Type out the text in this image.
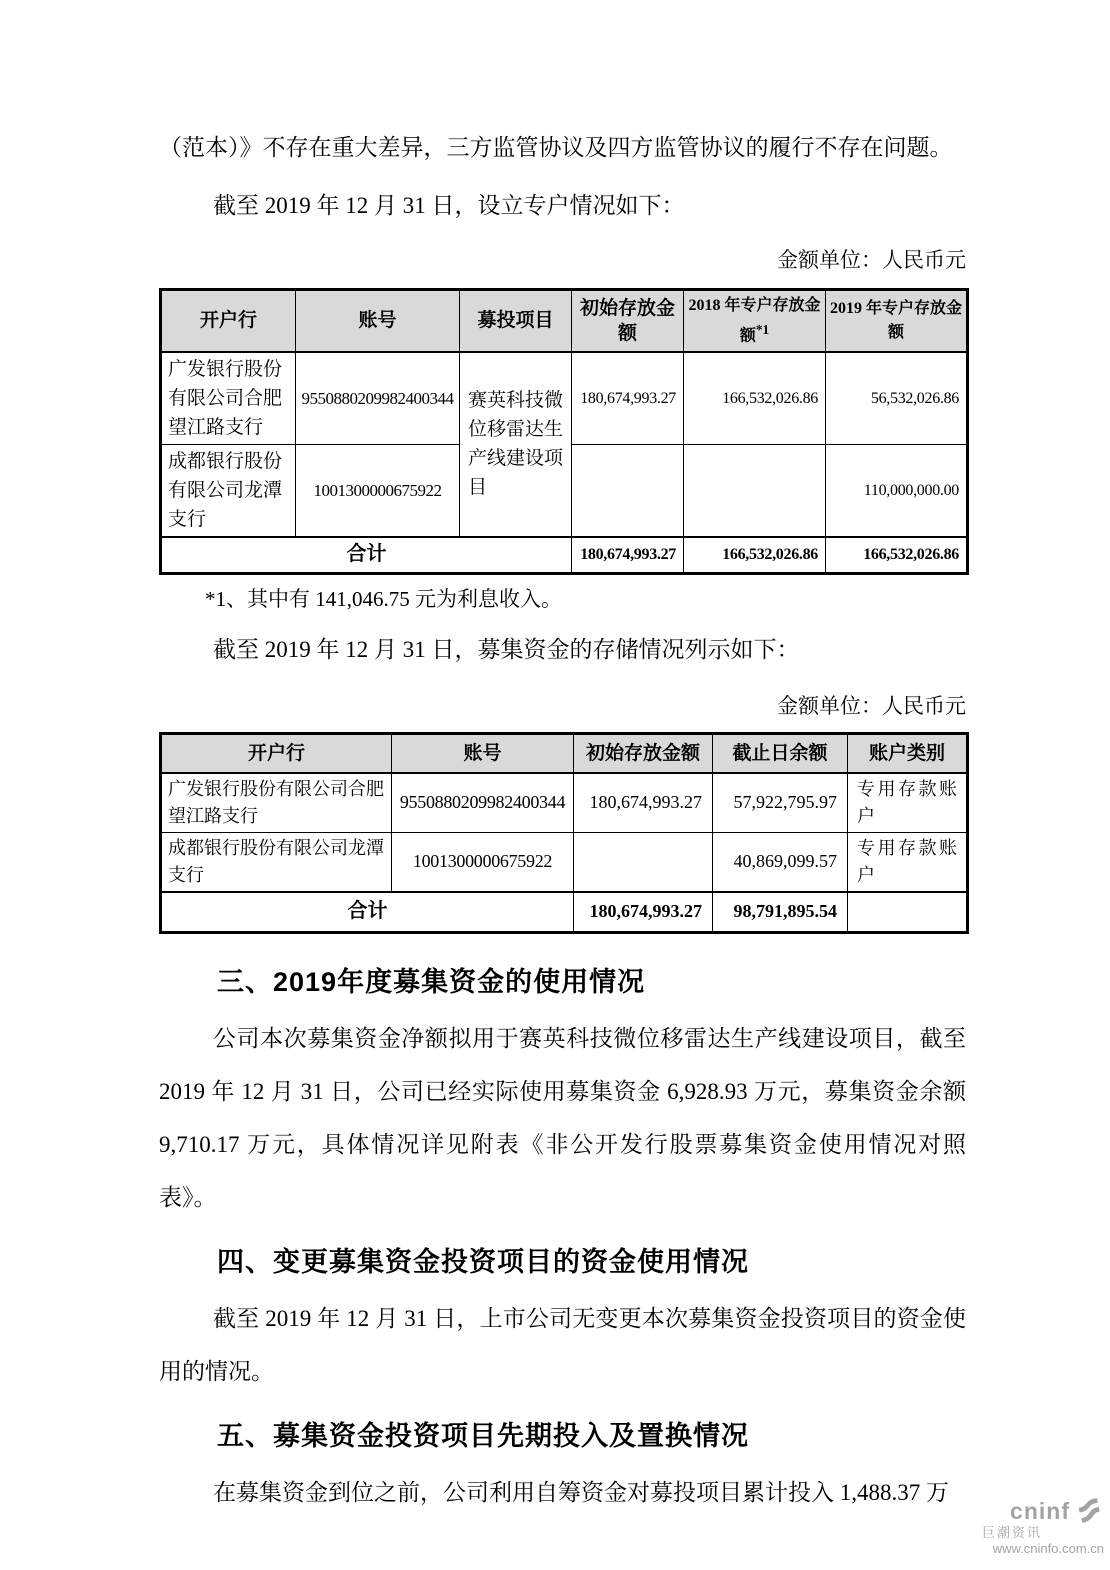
（范本）》不存在重大差异，三方监管协议及四方监管协议的履行不存在问题。

截至 2019 年 12 月 31 日，设立专户情况如下：

金额单位：人民币元
开户行	账号	募投项目	初始存放金额	2018 年专户存放金额$^{*1}$	2019 年专户存放金额
广发银行股份有限公司合肥望江路支行	9550880209982400344	赛英科技微位移雷达生产线建设项目	180,674,993.27	166,532,026.86	56,532,026.86
成都银行股份有限公司龙潭支行	1001300000675922				110,000,000.00
合计			180,674,993.27	166,532,026.86	166,532,026.86

*1、其中有 141,046.75 元为利息收入。

截至 2019 年 12 月 31 日，募集资金的存储情况列示如下：

金额单位：人民币元
开户行	账号	初始存放金额	截止日余额	账户类别
广发银行股份有限公司合肥望江路支行	9550880209982400344	180,674,993.27	57,922,795.97	专用存款账户
成都银行股份有限公司龙潭支行	1001300000675922		40,869,099.57	专用存款账户
合计		180,674,993.27	98,791,895.54	
三、2019年度募集资金的使用情况

公司本次募集资金净额拟用于赛英科技微位移雷达生产线建设项目，截至 2019 年 12 月 31 日，公司已经实际使用募集资金 6,928.93 万元，募集资金余额 9,710.17 万元，具体情况详见附表《非公开发行股票募集资金使用情况对照表》。

四、变更募集资金投资项目的资金使用情况

截至 2019 年 12 月 31 日，上市公司无变更本次募集资金投资项目的资金使用的情况。

五、募集资金投资项目先期投入及置换情况

在募集资金到位之前，公司利用自筹资金对募投项目累计投入 1,488.37 万

cninf
巨潮资讯
www.cninfo.com.cn
